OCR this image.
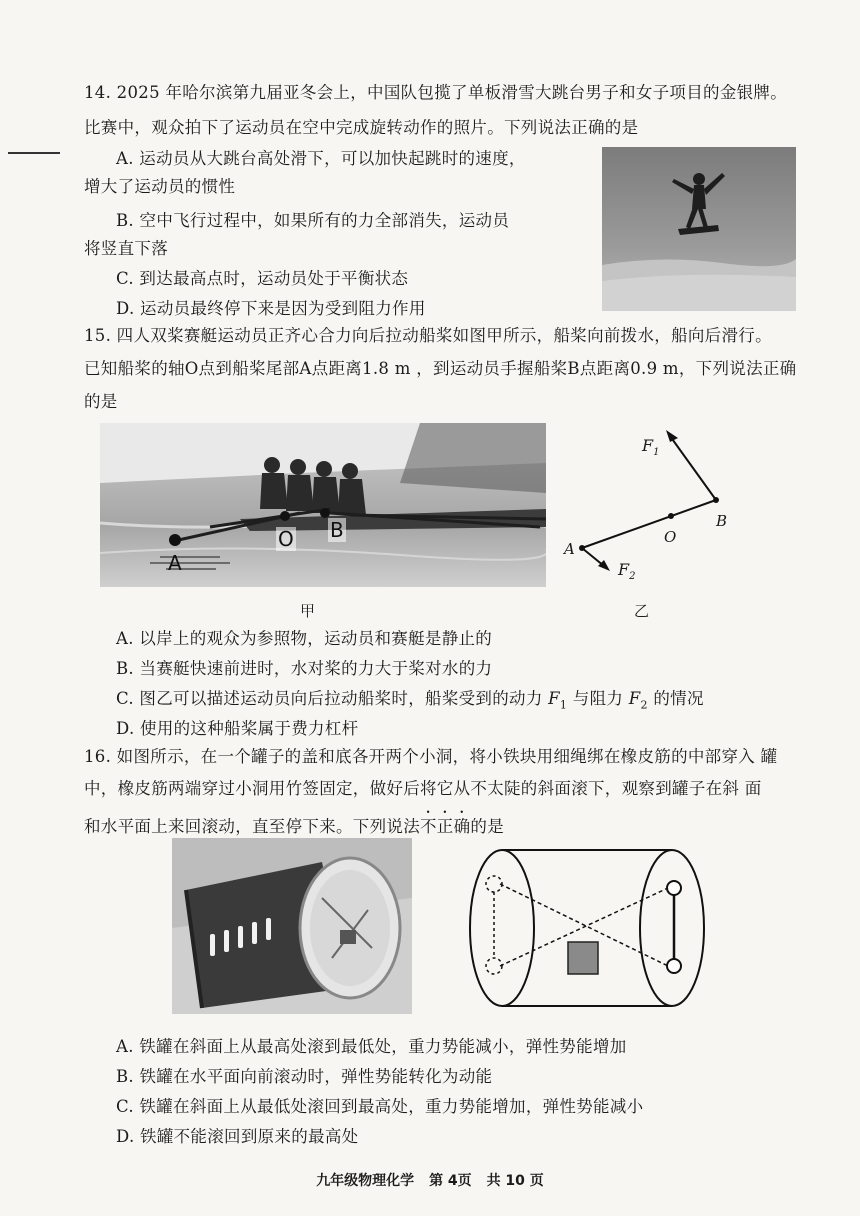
14. 2025 年哈尔滨第九届亚冬会上，中国队包揽了单板滑雪大跳台男子和女子项目的金银牌。
比赛中，观众拍下了运动员在空中完成旋转动作的照片。下列说法正确的是
A. 运动员从大跳台高处滑下，可以加快起跳时的速度，
增大了运动员的惯性
B. 空中飞行过程中，如果所有的力全部消失，运动员
将竖直下落
C. 到达最高点时，运动员处于平衡状态
D. 运动员最终停下来是因为受到阻力作用
15. 四人双桨赛艇运动员正齐心合力向后拉动船桨如图甲所示，船桨向前拨水，船向后滑行。
已知船桨的轴O点到船桨尾部A点距离1.8 m ，到运动员手握船桨B点距离0.9 m，下列说法正确
的是
A
O B
甲
$F_1$
$F_2$
A
O
B
乙
A. 以岸上的观众为参照物，运动员和赛艇是静止的
B. 当赛艇快速前进时，水对桨的力大于桨对水的力
C. 图乙可以描述运动员向后拉动船桨时，船桨受到的动力 $F_1$ 与阻力 $F_2$ 的情况
D. 使用的这种船桨属于费力杠杆
16. 如图所示，在一个罐子的盖和底各开两个小洞，将小铁块用细绳绑在橡皮筋的中部穿入 罐
中，橡皮筋两端穿过小洞用竹签固定，做好后将它从不太陡的斜面滚下，观察到罐子在斜 面
和水平面上来回滚动，直至停下来。下列说法不正确的是
A. 铁罐在斜面上从最高处滚到最低处，重力势能减小，弹性势能增加
B. 铁罐在水平面向前滚动时，弹性势能转化为动能
C. 铁罐在斜面上从最低处滚回到最高处，重力势能增加，弹性势能减小
D. 铁罐不能滚回到原来的最高处
九年级物理化学 第 4页 共 10 页
